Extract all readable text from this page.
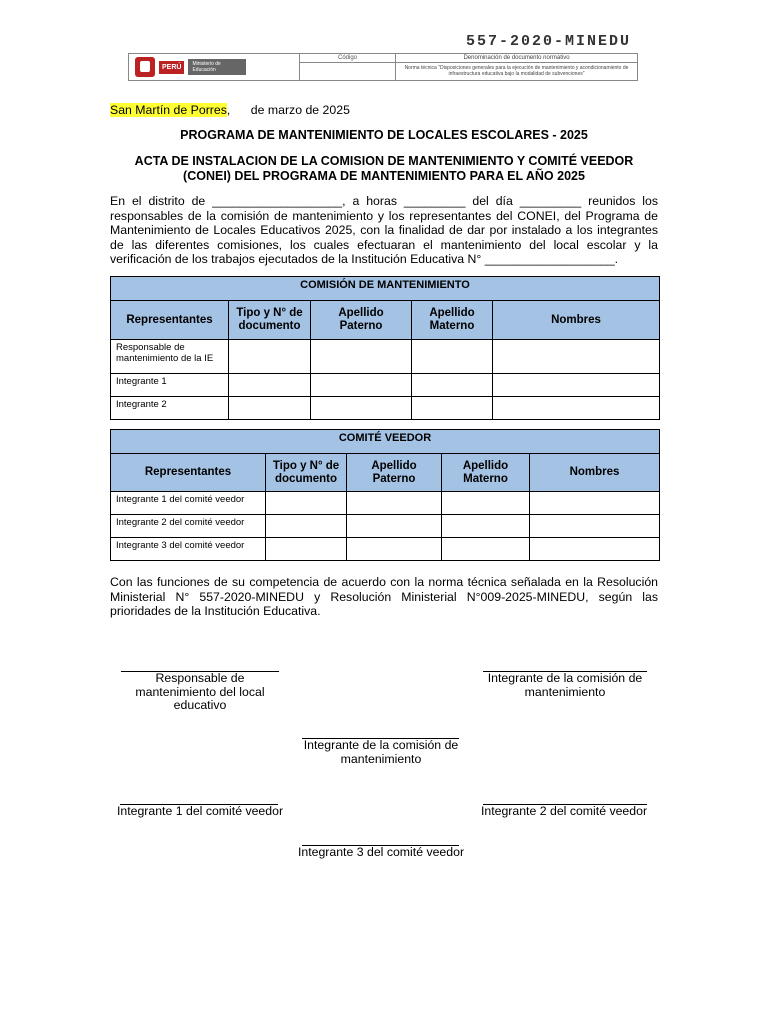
557-2020-MINEDU
PERÚ	Ministerio de Educación
Código	Denominación de documento normativo
Norma técnica "Disposiciones generales para la ejecución de mantenimiento y acondicionamiento de infraestructura educativa bajo la modalidad de subvenciones"
San Martín de Porres,      de marzo de 2025
PROGRAMA DE MANTENIMIENTO DE LOCALES ESCOLARES - 2025
ACTA DE INSTALACION DE LA COMISION DE MANTENIMIENTO Y COMITÉ VEEDOR
(CONEI) DEL PROGRAMA DE MANTENIMIENTO PARA EL AÑO 2025
En el distrito de ___________________, a horas _________ del día _________ reunidos los responsables de la comisión de mantenimiento y los representantes del CONEI, del Programa de Mantenimiento de Locales Educativos 2025, con la finalidad de dar por instalado a los integrantes de las diferentes comisiones, los cuales efectuaran el mantenimiento del local escolar y la verificación de los trabajos ejecutados de la Institución Educativa N° ___________________.
COMISIÓN DE MANTENIMIENTO				
Representantes	Tipo y N° de documento	Apellido Paterno	Apellido Materno	Nombres
Responsable de mantenimiento de la IE				
Integrante 1				
Integrante 2				
COMITÉ VEEDOR				
Representantes	Tipo y N° de documento	Apellido Paterno	Apellido Materno	Nombres
Integrante 1 del comité veedor				
Integrante 2 del comité veedor				
Integrante 3 del comité veedor				
Con las funciones de su competencia de acuerdo con la norma técnica señalada en la Resolución Ministerial N° 557-2020-MINEDU y Resolución Ministerial N°009-2025-MINEDU, según las prioridades de la Institución Educativa.
Responsable de mantenimiento del local educativo
Integrante de la comisión de mantenimiento
Integrante de la comisión de mantenimiento
Integrante 1 del comité veedor	Integrante 2 del comité veedor
Integrante 3 del comité veedor
